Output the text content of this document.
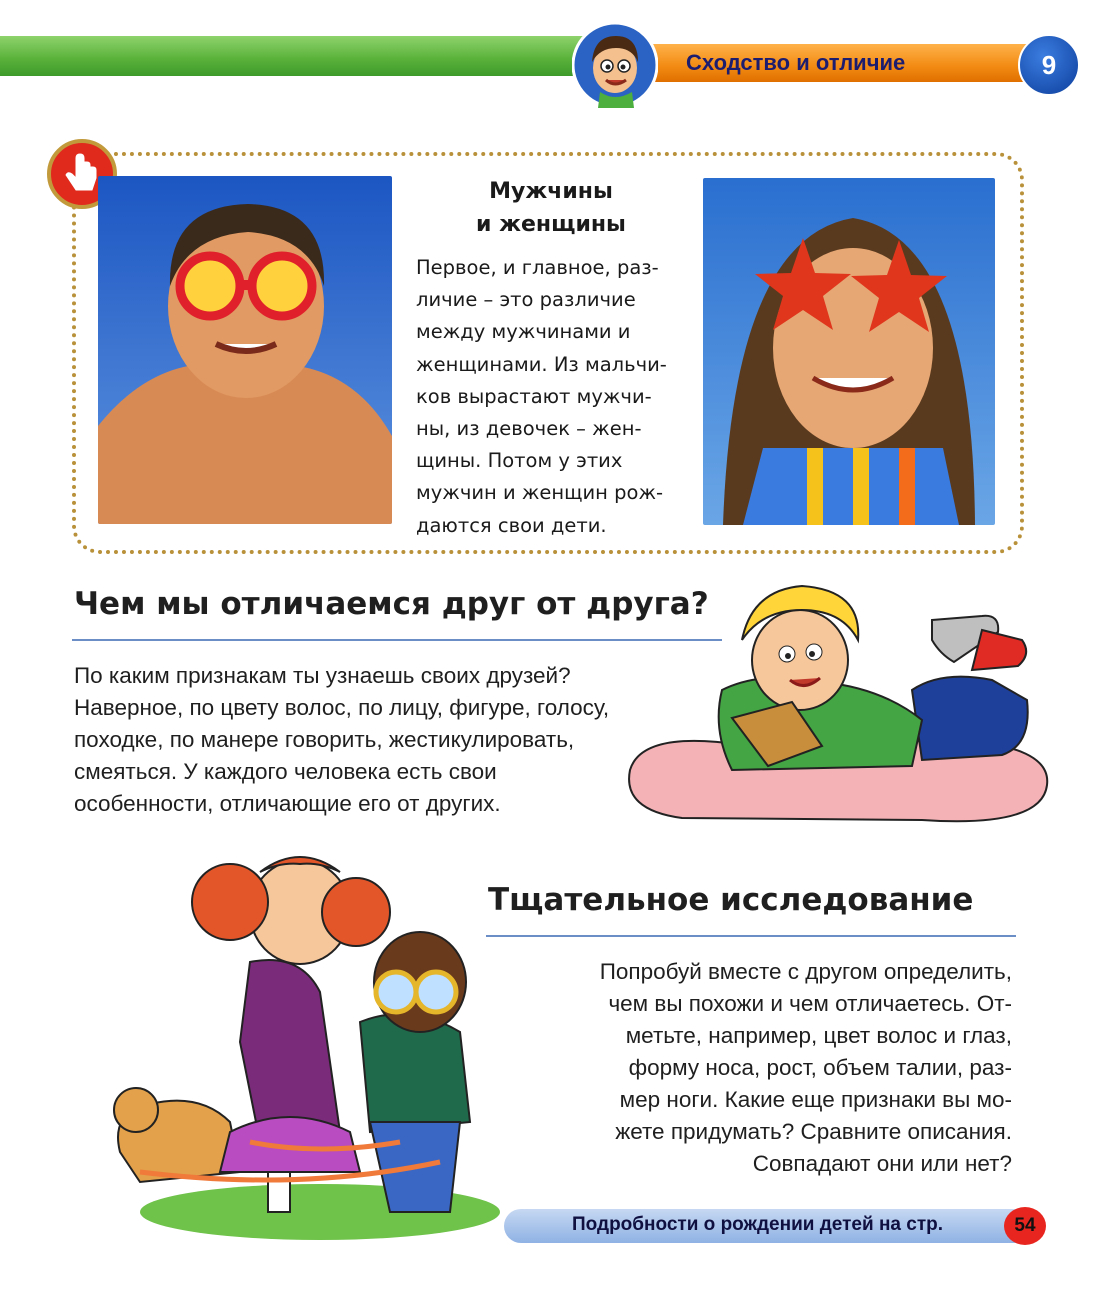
Сходство и отличие	9
Мужчины
и женщины
Первое, и главное, раз-
личие – это различие
между мужчинами и
женщинами. Из мальчи-
ков вырастают мужчи-
ны, из девочек – жен-
щины. Потом у этих
мужчин и женщин рож-
даются свои дети.
Чем мы отличаемся друг от друга?
По каким признакам ты узнаешь своих друзей?
Наверное, по цвету волос, по лицу, фигуре, голосу,
походке, по манере говорить, жестикулировать,
смеяться. У каждого человека есть свои
особенности, отличающие его от других.
Тщательное исследование
Попробуй вместе с другом определить,
чем вы похожи и чем отличаетесь. От-
метьте, например, цвет волос и глаз,
форму носа, рост, объем талии, раз-
мер ноги. Какие еще признаки вы мо-
жете придумать? Сравните описания.
Совпадают они или нет?
Подробности о рождении детей на стр.	54
